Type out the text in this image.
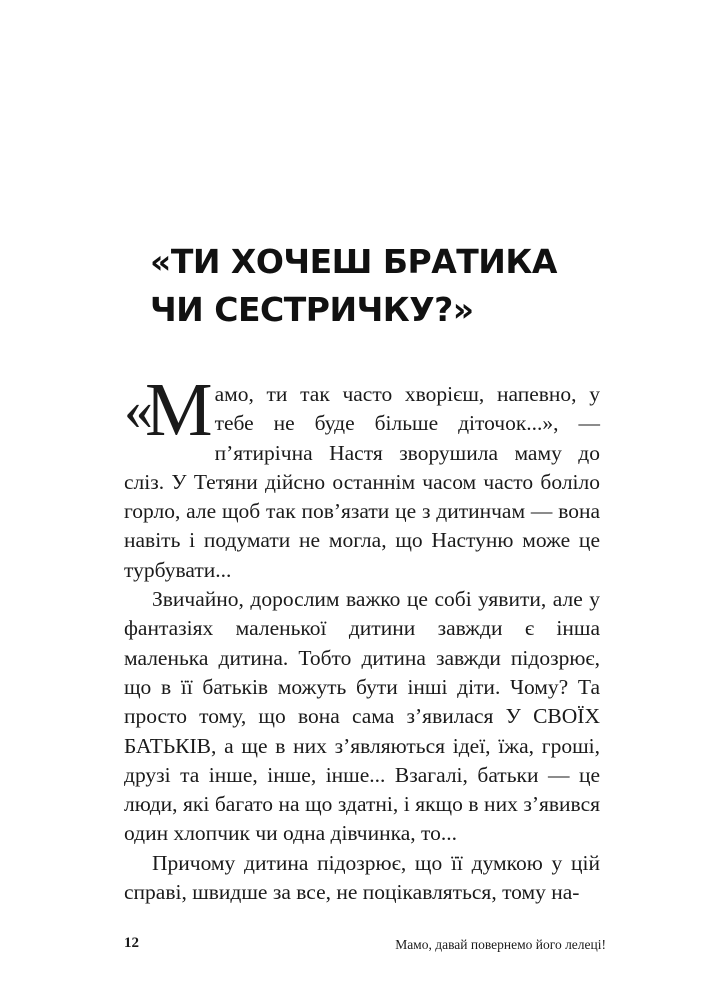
«ТИ ХОЧЕШ БРАТИКА
ЧИ СЕСТРИЧКУ?»

«
М амо, ти так часто хворієш, напевно, у тебе не буде більше діточок...», — п’ятирічна Настя зворушила маму до сліз. У Тетяни дійсно останнім часом часто боліло горло, але щоб так пов’язати це з дитинчам — вона навіть і подумати не могла, що Настуню може це турбувати...

Звичайно, дорослим важко це собі уявити, але у фантазіях маленької дитини завжди є інша маленька дитина. Тобто дитина завжди підозрює, що в її батьків можуть бути інші діти. Чому? Та просто тому, що вона сама з’явилася У СВОЇХ БАТЬКІВ, а ще в них з’являються ідеї, їжа, гроші, друзі та інше, інше, інше... Взагалі, батьки — це люди, які багато на що здатні, і якщо в них з’явився один хлопчик чи одна дівчинка, то...

Причому дитина підозрює, що її думкою у цій справі, швидше за все, не поцікавляться, тому на-

12	Мамо, давай повернемо його лелеці!
